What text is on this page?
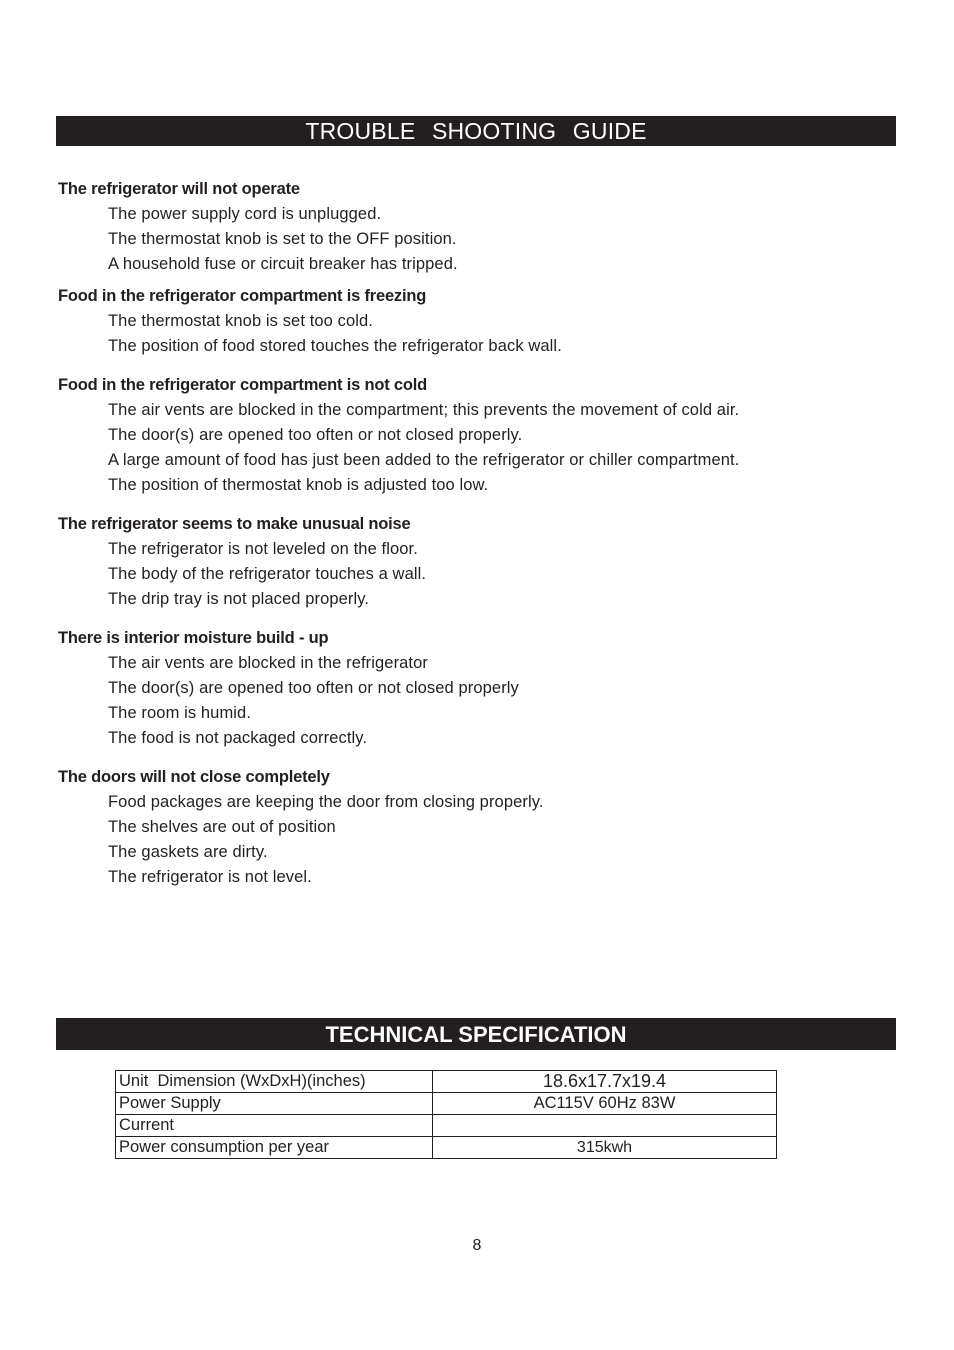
TROUBLE SHOOTING GUIDE
The refrigerator will not operate
The power supply cord is unplugged.
The thermostat knob is set to the OFF position.
A household fuse or circuit breaker has tripped.
Food in the refrigerator compartment is freezing
The thermostat knob is set too cold.
The position of food stored touches the refrigerator back wall.
Food in the refrigerator compartment is not cold
The air vents are blocked in the compartment; this prevents the movement of cold air.
The door(s) are opened too often or not closed properly.
A large amount of food has just been added to the refrigerator or chiller compartment.
The position of thermostat knob is adjusted too low.
The refrigerator seems to make unusual noise
The refrigerator is not leveled on the floor.
The body of the refrigerator touches a wall.
The drip tray is not placed properly.
There is interior moisture build - up
The air vents are blocked in the refrigerator
The door(s) are opened too often or not closed properly
The room is humid.
The food is not packaged correctly.
The doors will not close completely
Food packages are keeping the door from closing properly.
The shelves are out of position
The gaskets are dirty.
The refrigerator is not level.
TECHNICAL SPECIFICATION
Unit  Dimension (WxDxH)(inches)	18.6x17.7x19.4
Power Supply	AC115V 60Hz 83W
Current	
Power consumption per year	315kwh
8
